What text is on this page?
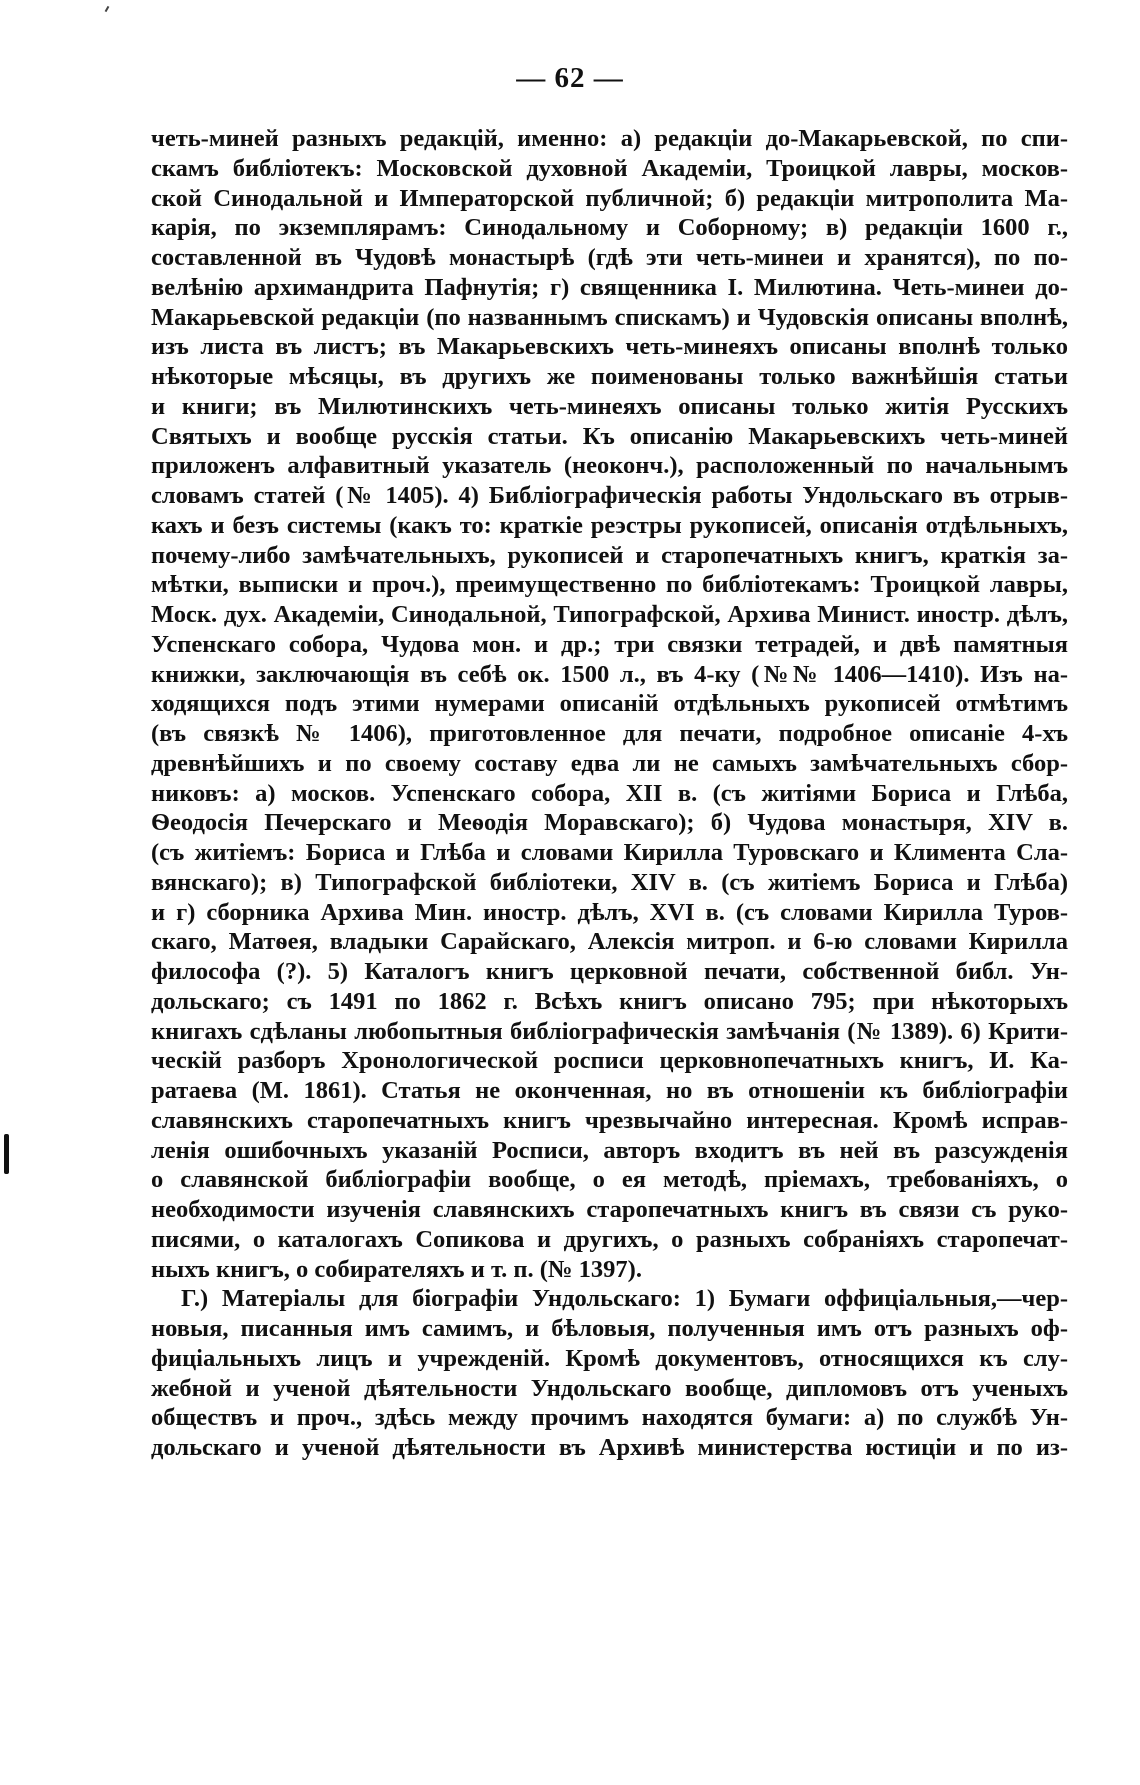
— 62 —
четь-миней разныхъ редакцій, именно: а) редакціи до-Макарьевской, по спи-
скамъ библіотекъ: Московской духовной Академіи, Троицкой лавры, москов-
ской Синодальной и Императорской публичной; б) редакціи митрополита Ма-
карія, по экземплярамъ: Синодальному и Соборному; в) редакціи 1600 г.,
составленной въ Чудовѣ монастырѣ (гдѣ эти четь-минеи и хранятся), по по-
велѣнію архимандрита Пафнутія; г) священника I. Милютина. Четь-минеи до-
Макарьевской редакціи (по названнымъ спискамъ) и Чудовскія описаны вполнѣ,
изъ листа въ листъ; въ Макарьевскихъ четь-минеяхъ описаны вполнѣ только
нѣкоторые мѣсяцы, въ другихъ же поименованы только важнѣйшія статьи
и книги; въ Милютинскихъ четь-минеяхъ описаны только житія Русскихъ
Святыхъ и вообще русскія статьи. Къ описанію Макарьевскихъ четь-миней
приложенъ алфавитный указатель (неоконч.), расположенный по начальнымъ
словамъ статей (№ 1405). 4) Библіографическія работы Ундольскаго въ отрыв-
кахъ и безъ системы (какъ то: краткіе реэстры рукописей, описанія отдѣльныхъ,
почему-либо замѣчательныхъ, рукописей и старопечатныхъ книгъ, краткія за-
мѣтки, выписки и проч.), преимущественно по библіотекамъ: Троицкой лавры,
Моск. дух. Академіи, Синодальной, Типографской, Архива Минист. иностр. дѣлъ,
Успенскаго собора, Чудова мон. и др.; три связки тетрадей, и двѣ памятныя
книжки, заключающія въ себѣ ок. 1500 л., въ 4-ку (№№ 1406—1410). Изъ на-
ходящихся подъ этими нумерами описаній отдѣльныхъ рукописей отмѣтимъ
(въ связкѣ № 1406), приготовленное для печати, подробное описаніе 4-хъ
древнѣйшихъ и по своему составу едва ли не самыхъ замѣчательныхъ сбор-
никовъ: а) москов. Успенскаго собора, XII в. (съ житіями Бориса и Глѣба,
Ѳеодосія Печерскаго и Меѳодія Моравскаго); б) Чудова монастыря, XIV в.
(съ житіемъ: Бориса и Глѣба и словами Кирилла Туровскаго и Климента Сла-
вянскаго); в) Типографской библіотеки, XIV в. (съ житіемъ Бориса и Глѣба)
и г) сборника Архива Мин. иностр. дѣлъ, XVI в. (съ словами Кирилла Туров-
скаго, Матѳея, владыки Сарайскаго, Алексія митроп. и 6-ю словами Кирилла
философа (?). 5) Каталогъ книгъ церковной печати, собственной библ. Ун-
дольскаго; съ 1491 по 1862 г. Всѣхъ книгъ описано 795; при нѣкоторыхъ
книгахъ сдѣланы любопытныя библіографическія замѣчанія (№ 1389). 6) Крити-
ческій разборъ Хронологической росписи церковнопечатныхъ книгъ, И. Ка-
ратаева (М. 1861). Статья не оконченная, но въ отношеніи къ библіографіи
славянскихъ старопечатныхъ книгъ чрезвычайно интересная. Кромѣ исправ-
ленія ошибочныхъ указаній Росписи, авторъ входитъ въ ней въ разсужденія
о славянской библіографіи вообще, о ея методѣ, пріемахъ, требованіяхъ, о
необходимости изученія славянскихъ старопечатныхъ книгъ въ связи съ руко-
писями, о каталогахъ Сопикова и другихъ, о разныхъ собраніяхъ старопечат-
ныхъ книгъ, о собирателяхъ и т. п. (№ 1397).
Г.) Матеріалы для біографіи Ундольскаго: 1) Бумаги оффиціальныя,—чер-
новыя, писанныя имъ самимъ, и бѣловыя, полученныя имъ отъ разныхъ оф-
фиціальныхъ лицъ и учрежденій. Кромѣ документовъ, относящихся къ слу-
жебной и ученой дѣятельности Ундольскаго вообще, дипломовъ отъ ученыхъ
обществъ и проч., здѣсь между прочимъ находятся бумаги: а) по службѣ Ун-
дольскаго и ученой дѣятельности въ Архивѣ министерства юстиціи и по из-
